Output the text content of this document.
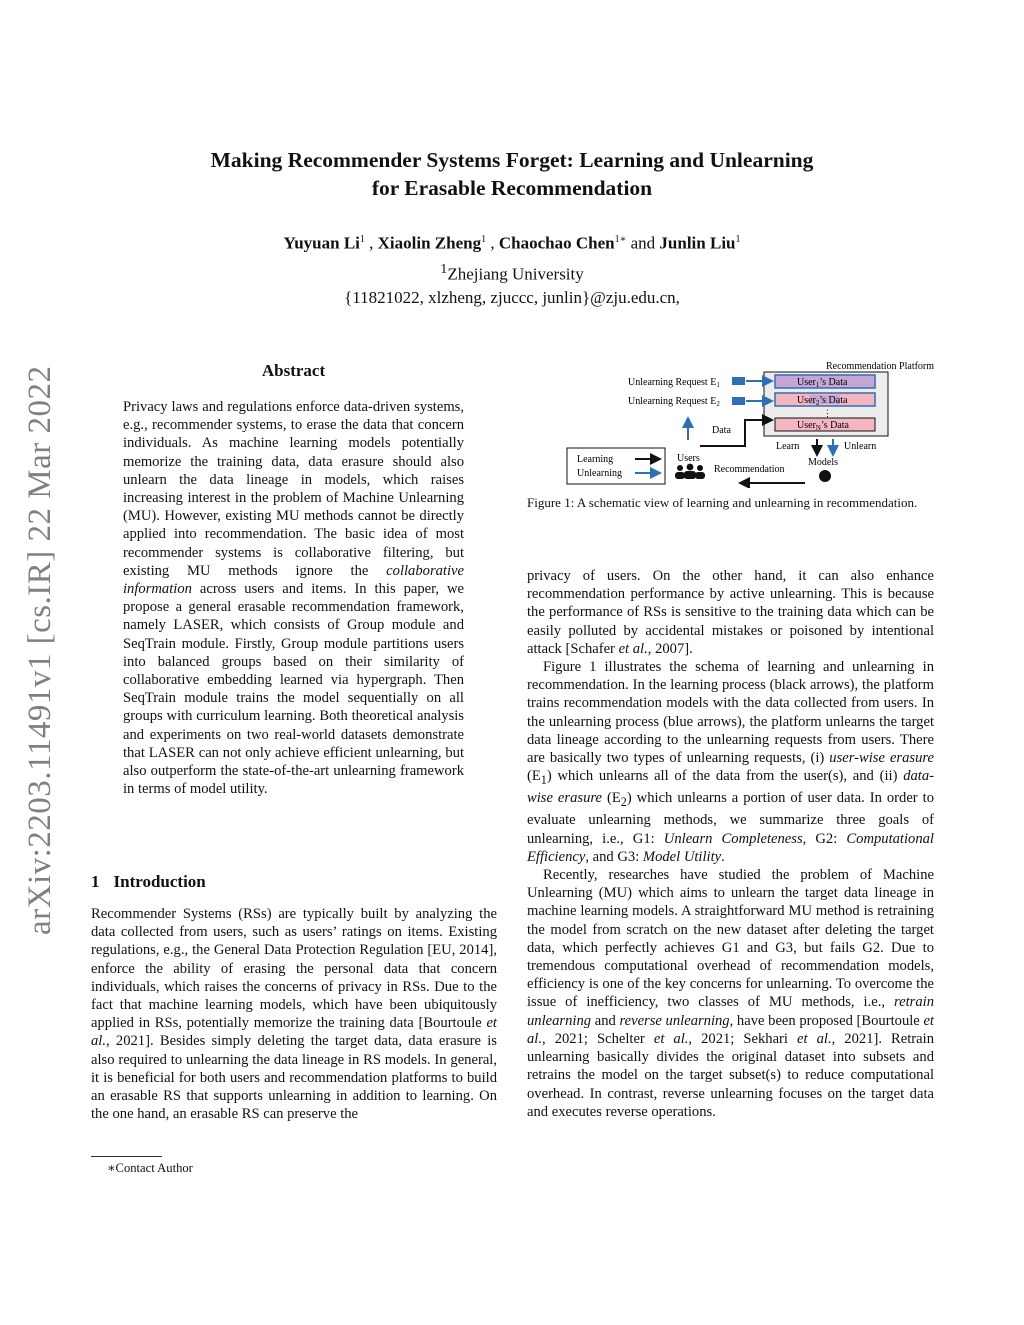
arXiv:2203.11491v1 [cs.IR] 22 Mar 2022
Making Recommender Systems Forget: Learning and Unlearning
for Erasable Recommendation
Yuyuan Li$^1$ , Xiaolin Zheng$^1$ , Chaochao Chen$^{1∗}$ and Junlin Liu$^1$
$^1$Zhejiang University
{11821022, xlzheng, zjuccc, junlin}@zju.edu.cn,
Abstract

Privacy laws and regulations enforce data-driven systems, e.g., recommender systems, to erase the data that concern individuals. As machine learning models potentially memorize the training data, data erasure should also unlearn the data lineage in models, which raises increasing interest in the problem of Machine Unlearning (MU). However, existing MU methods cannot be directly applied into recommendation. The basic idea of most recommender systems is collaborative filtering, but existing MU methods ignore the collaborative information across users and items. In this paper, we propose a general erasable recommendation framework, namely LASER, which consists of Group module and SeqTrain module. Firstly, Group module partitions users into balanced groups based on their similarity of collaborative embedding learned via hypergraph. Then SeqTrain module trains the model sequentially on all groups with curriculum learning. Both theoretical analysis and experiments on two real-world datasets demonstrate that LASER can not only achieve efficient unlearning, but also outperform the state-of-the-art unlearning framework in terms of model utility.

1 Introduction

Recommender Systems (RSs) are typically built by analyzing the data collected from users, such as users’ ratings on items. Existing regulations, e.g., the General Data Protection Regulation [EU, 2014], enforce the ability of erasing the personal data that concern individuals, which raises the concerns of privacy in RSs. Due to the fact that machine learning models, which have been ubiquitously applied in RSs, potentially memorize the training data [Bourtoule et al., 2021]. Besides simply deleting the target data, data erasure is also required to unlearning the data lineage in RS models. In general, it is beneficial for both users and recommendation platforms to build an erasable RS that supports unlearning in addition to learning. On the one hand, an erasable RS can preserve the

∗Contact Author
Recommendation Platform
User$_1$’s Data
User$_2$’s Data
⋮
User$_N$’s Data
Unlearning Request $E_1$
Unlearning Request $E_2$
Data
Learn	Unlearn
Models
Users
Recommendation
Learning
Unlearning
Figure 1: A schematic view of learning and unlearning in recommendation.

privacy of users. On the other hand, it can also enhance recommendation performance by active unlearning. This is because the performance of RSs is sensitive to the training data which can be easily polluted by accidental mistakes or poisoned by intentional attack [Schafer et al., 2007].

Figure 1 illustrates the schema of learning and unlearning in recommendation. In the learning process (black arrows), the platform trains recommendation models with the data collected from users. In the unlearning process (blue arrows), the platform unlearns the target data lineage according to the unlearning requests from users. There are basically two types of unlearning requests, (i) user-wise erasure $(E_1)$ which unlearns all of the data from the user(s), and (ii) data-wise erasure $(E_2)$ which unlearns a portion of user data. In order to evaluate unlearning methods, we summarize three goals of unlearning, i.e., G1: Unlearn Completeness, G2: Computational Efficiency, and G3: Model Utility.

Recently, researches have studied the problem of Machine Unlearning (MU) which aims to unlearn the target data lineage in machine learning models. A straightforward MU method is retraining the model from scratch on the new dataset after deleting the target data, which perfectly achieves G1 and G3, but fails G2. Due to tremendous computational overhead of recommendation models, efficiency is one of the key concerns for unlearning. To overcome the issue of inefficiency, two classes of MU methods, i.e., retrain unlearning and reverse unlearning, have been proposed [Bourtoule et al., 2021; Schelter et al., 2021; Sekhari et al., 2021]. Retrain unlearning basically divides the original dataset into subsets and retrains the model on the target subset(s) to reduce computational overhead. In contrast, reverse unlearning focuses on the target data and executes reverse operations.
